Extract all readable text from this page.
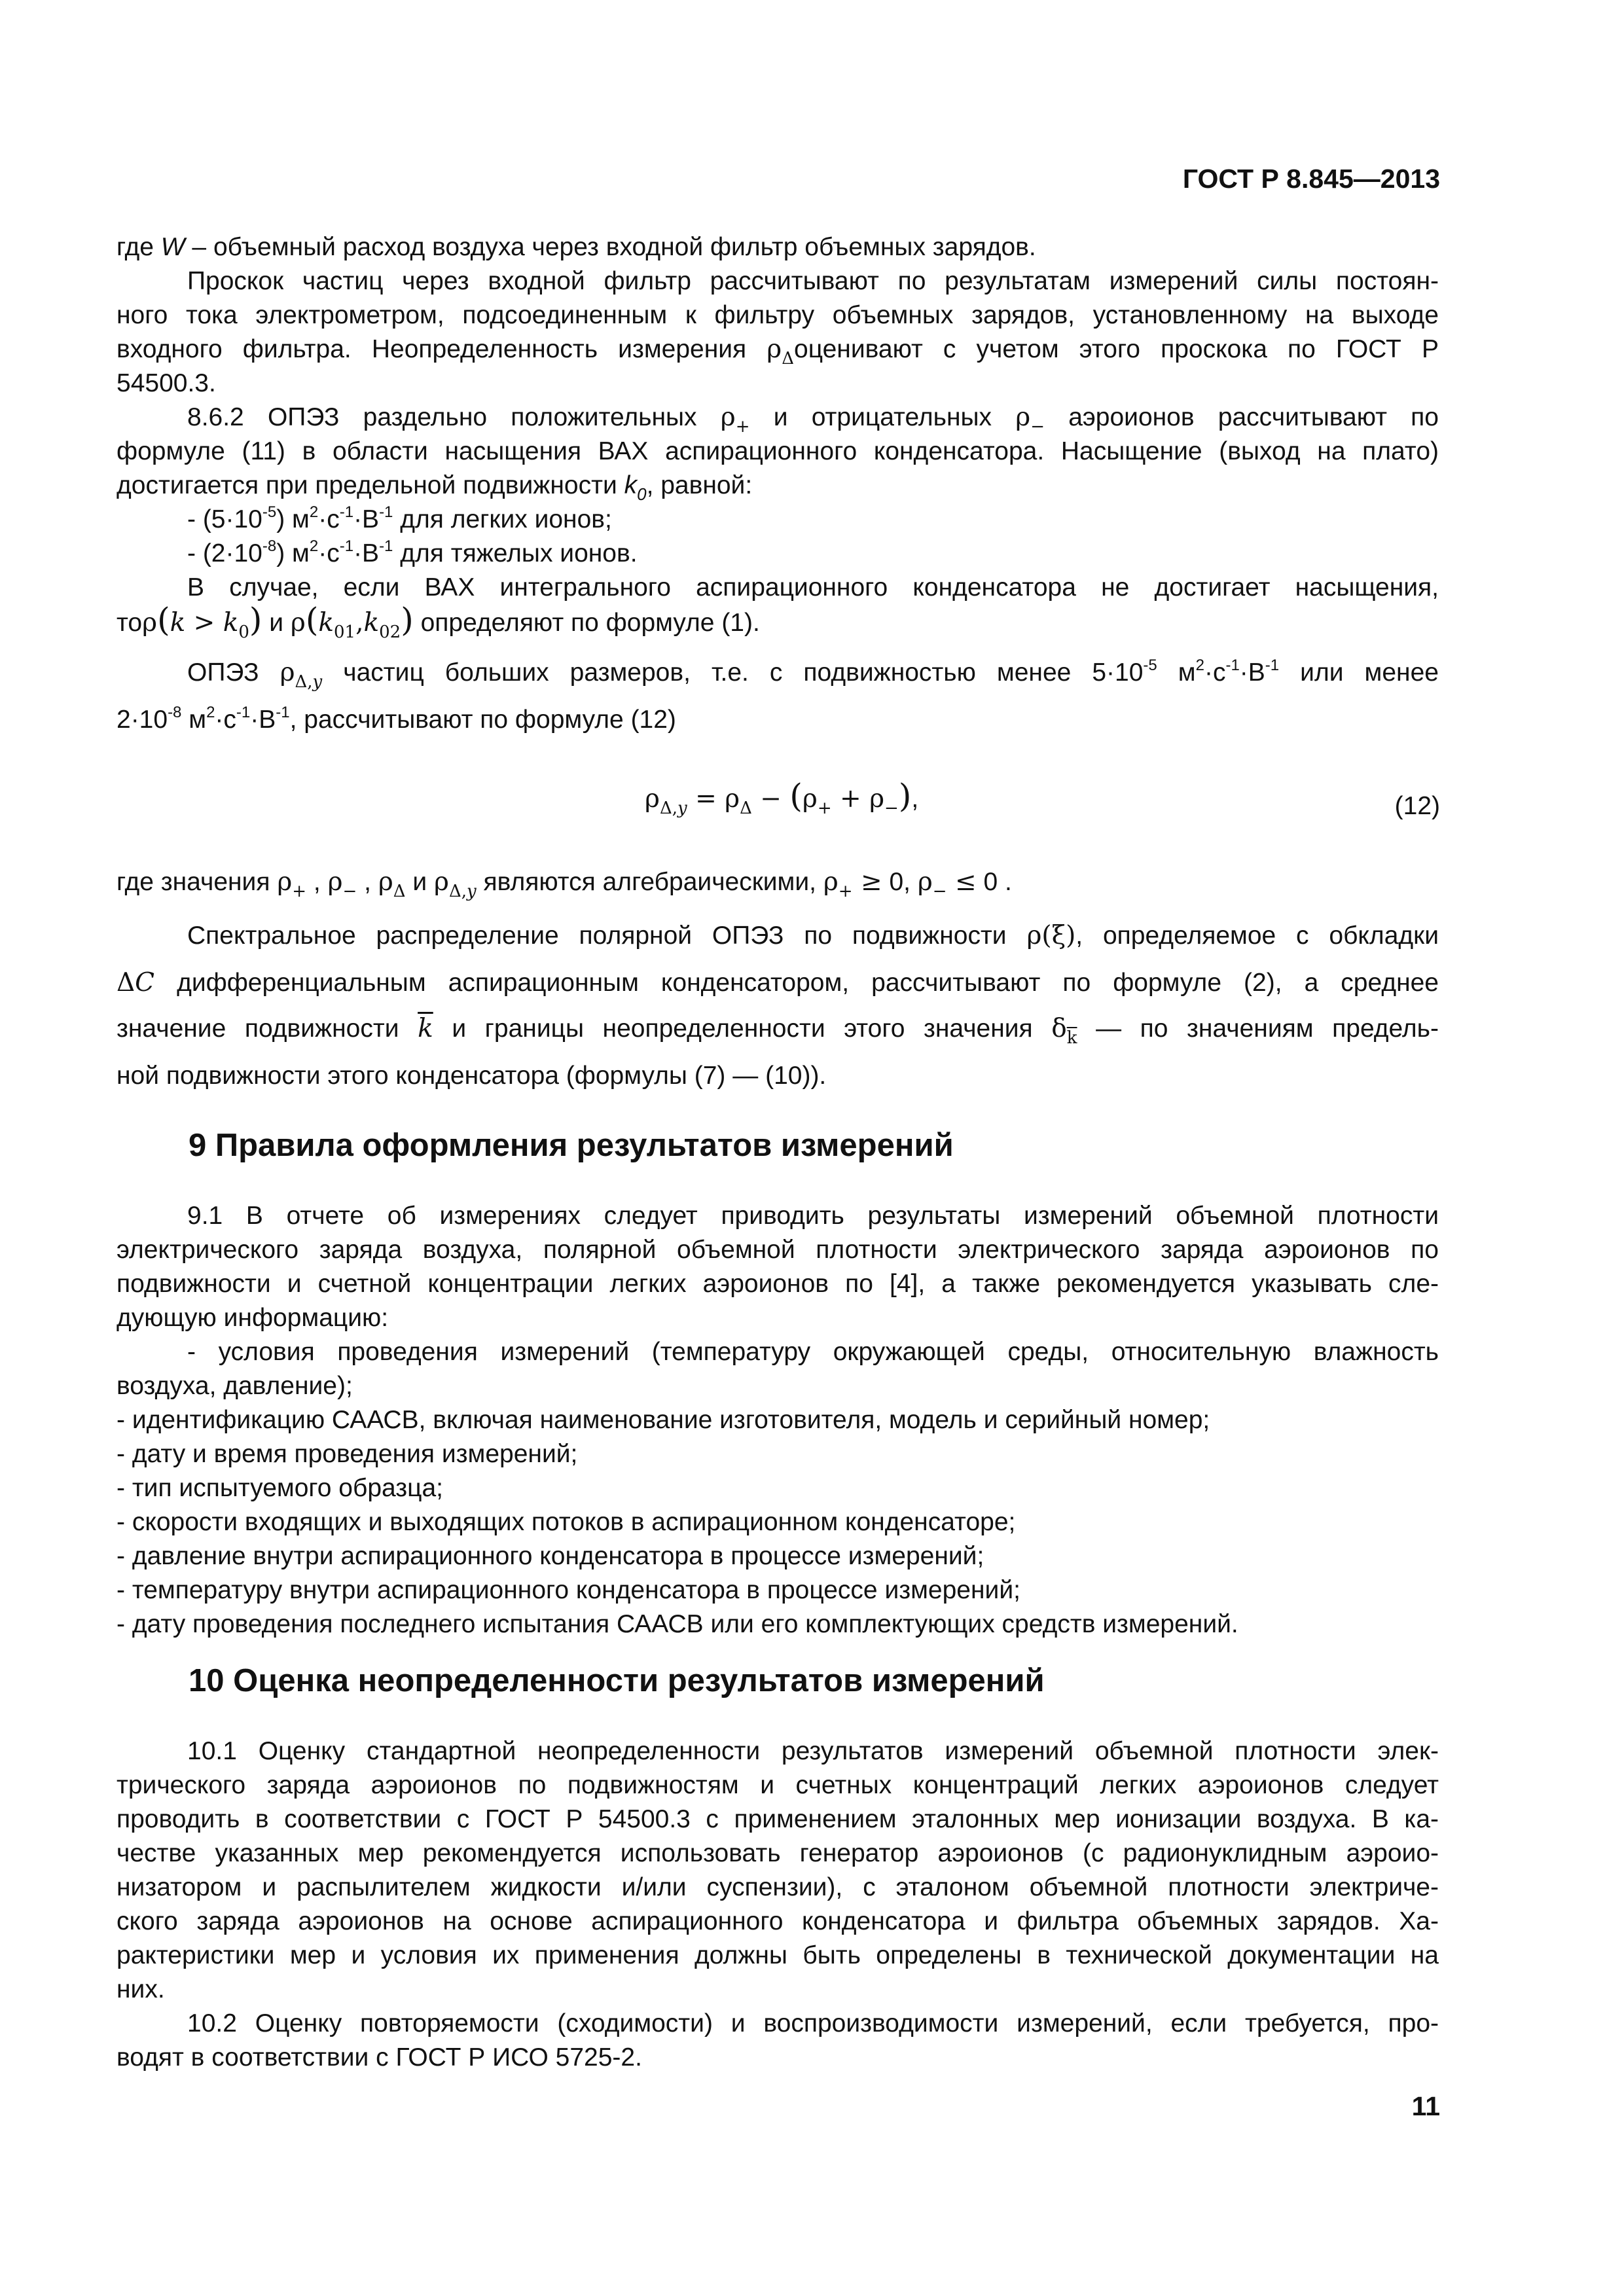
ГОСТ Р 8.845—2013
где W – объемный расход воздуха через входной фильтр объемных зарядов.
Проскок частиц через входной фильтр рассчитывают по результатам измерений силы постоян-
ного тока электрометром, подсоединенным к фильтру объемных зарядов, установленному на выходе
входного фильтра. Неопределенность измерения $\rho_\Delta оценивают$ с учетом этого проскока по ГОСТ Р
54500.3.
8.6.2 ОПЭЗ раздельно положительных $\rho_+$ и отрицательных $\rho_-$ аэроионов рассчитывают по
формуле (11) в области насыщения ВАХ аспирационного конденсатора. Насыщение (выход на плато)
достигается при предельной подвижности $k_0$, равной:
- $(5\cdot 10^{-5})$ $м^2\cdot с^{-1}\cdot В^{-1}$ для легких ионов;
- $(2\cdot 10^{-8})$ $м^2\cdot с^{-1}\cdot В^{-1}$ для тяжелых ионов.
В случае, если ВАХ интегрального аспирационного конденсатора не достигает насыщения,
$то\rho(k > k_0)$ и $\rho(k_{01},k_{02})$ определяют по формуле (1).
ОПЭЗ $\rho_{\Delta,y}$ частиц больших размеров, т.е. с подвижностью менее $5\cdot 10^{-5}$ $м^2\cdot с^{-1}\cdot В^{-1}$ или менее
$2\cdot 10^{-8}$ $м^2\cdot с^{-1}\cdot В^{-1}$, рассчитывают по формуле (12)
$\rho_{\Delta,y} = \rho_\Delta - (\rho_+ + \rho_-)$,	(12)
где значения $\rho_+$ , $\rho_-$ , $\rho_\Delta$ и $\rho_{\Delta,y}$ являются алгебраическими, $\rho_+ \ge 0$, $\rho_- \le 0$ .
Спектральное распределение полярной ОПЭЗ по подвижности ρ(ξ), определяемое с обкладки
ΔC дифференциальным аспирационным конденсатором, рассчитывают по формуле (2), а среднее
значение подвижности $\overline{k}$ и границы неопределенности этого значения $\delta_{\overline{k}}$ — по значениям предель-
ной подвижности этого конденсатора (формулы (7) — (10)).
9 Правила оформления результатов измерений
9.1 В отчете об измерениях следует приводить результаты измерений объемной плотности
электрического заряда воздуха, полярной объемной плотности электрического заряда аэроионов по
подвижности и счетной концентрации легких аэроионов по [4], а также рекомендуется указывать сле-
дующую информацию:
- условия проведения измерений (температуру окружающей среды, относительную влажность
воздуха, давление);
- идентификацию СААСВ, включая наименование изготовителя, модель и серийный номер;
- дату и время проведения измерений;
- тип испытуемого образца;
- скорости входящих и выходящих потоков в аспирационном конденсаторе;
- давление внутри аспирационного конденсатора в процессе измерений;
- температуру внутри аспирационного конденсатора в процессе измерений;
- дату проведения последнего испытания СААСВ или его комплектующих средств измерений.
10 Оценка неопределенности результатов измерений
10.1 Оценку стандартной неопределенности результатов измерений объемной плотности элек-
трического заряда аэроионов по подвижностям и счетных концентраций легких аэроионов следует
проводить в соответствии с ГОСТ Р 54500.3 с применением эталонных мер ионизации воздуха. В ка-
честве указанных мер рекомендуется использовать генератор аэроионов (с радионуклидным аэроио-
низатором и распылителем жидкости и/или суспензии), с эталоном объемной плотности электриче-
ского заряда аэроионов на основе аспирационного конденсатора и фильтра объемных зарядов. Ха-
рактеристики мер и условия их применения должны быть определены в технической документации на
них.
10.2 Оценку повторяемости (сходимости) и воспроизводимости измерений, если требуется, про-
водят в соответствии с ГОСТ Р ИСО 5725-2.
11
